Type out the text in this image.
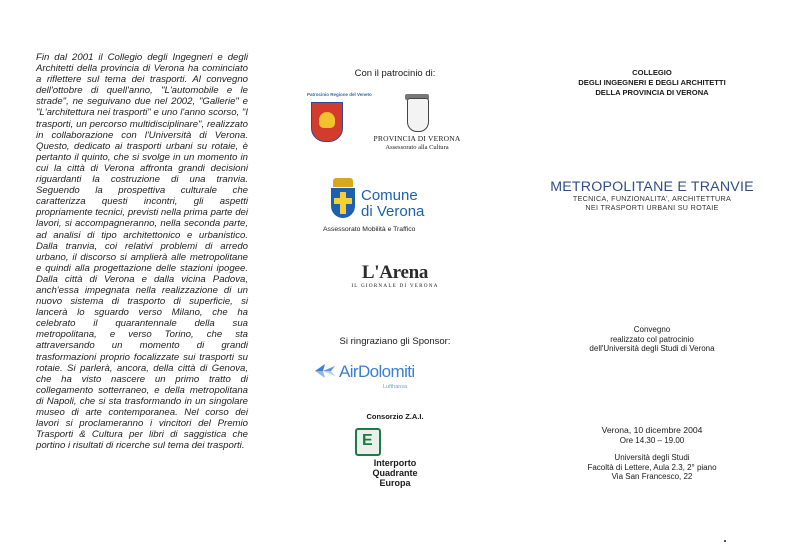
Fin dal 2001 il Collegio degli Ingegneri e degli Architetti della provincia di Verona ha cominciato a riflettere sul tema dei trasporti. Al convegno dell'ottobre di quell'anno, "L'automobile e le strade", ne seguivano due nel 2002, "Gallerie" e "L'architettura nei trasporti" e uno l'anno scorso, "I trasporti, un percorso multidisciplinare", realizzato in collaborazione con l'Università di Verona. Questo, dedicato ai trasporti urbani su rotaie, è pertanto il quinto, che si svolge in un momento in cui la città di Verona affronta grandi decisioni riguardanti la costruzione di una tranvia. Seguendo la prospettiva culturale che caratterizza questi incontri, gli aspetti propriamente tecnici, previsti nella prima parte dei lavori, si accompagneranno, nella seconda parte, ad analisi di tipo architettonico e urbanistico. Dalla tranvia, coi relativi problemi di arredo urbano, il discorso si amplierà alle metropolitane e quindi alla progettazione delle stazioni ipogee. Dalla città di Verona e dalla vicina Padova, anch'essa impegnata nella realizzazione di un nuovo sistema di trasporto di superficie, si lancerà lo sguardo verso Milano, che ha celebrato il quarantennale della sua metropolitana, e verso Torino, che sta attraversando un momento di grandi trasformazioni proprio focalizzate sui trasporti su rotaie. Si parlerà, ancora, della città di Genova, che ha visto nascere un primo tratto di collegamento sotterraneo, e della metropolitana di Napoli, che si sta trasformando in un singolare museo di arte contemporanea. Nel corso dei lavori si proclameranno i vincitori del Premio Trasporti & Cultura per libri di saggistica che portino i risultati di ricerche sul tema dei trasporti.

Con il patrocinio di:
Patrocinio Regione del Veneto
PROVINCIA DI VERONA
Assessorato alla Cultura
Comune
di Verona
Assessorato Mobilità e Traffico
L'Arena
IL GIORNALE DI VERONA
Si ringraziano gli Sponsor:
AirDolomiti
Lufthansa
Consorzio Z.A.I.
E
Interporto
Quadrante
Europa
COLLEGIO
DEGLI INGEGNERI E DEGLI ARCHITETTI
DELLA PROVINCIA DI VERONA
METROPOLITANE E TRANVIE
TECNICA, FUNZIONALITA', ARCHITETTURA
NEI TRASPORTI URBANI SU ROTAIE
Convegno
realizzato col patrocinio
dell'Università degli Studi di Verona
Verona, 10 dicembre 2004
Ore 14.30 – 19.00
Università degli Studi
Facoltà di Lettere, Aula 2.3, 2° piano
Via San Francesco, 22
